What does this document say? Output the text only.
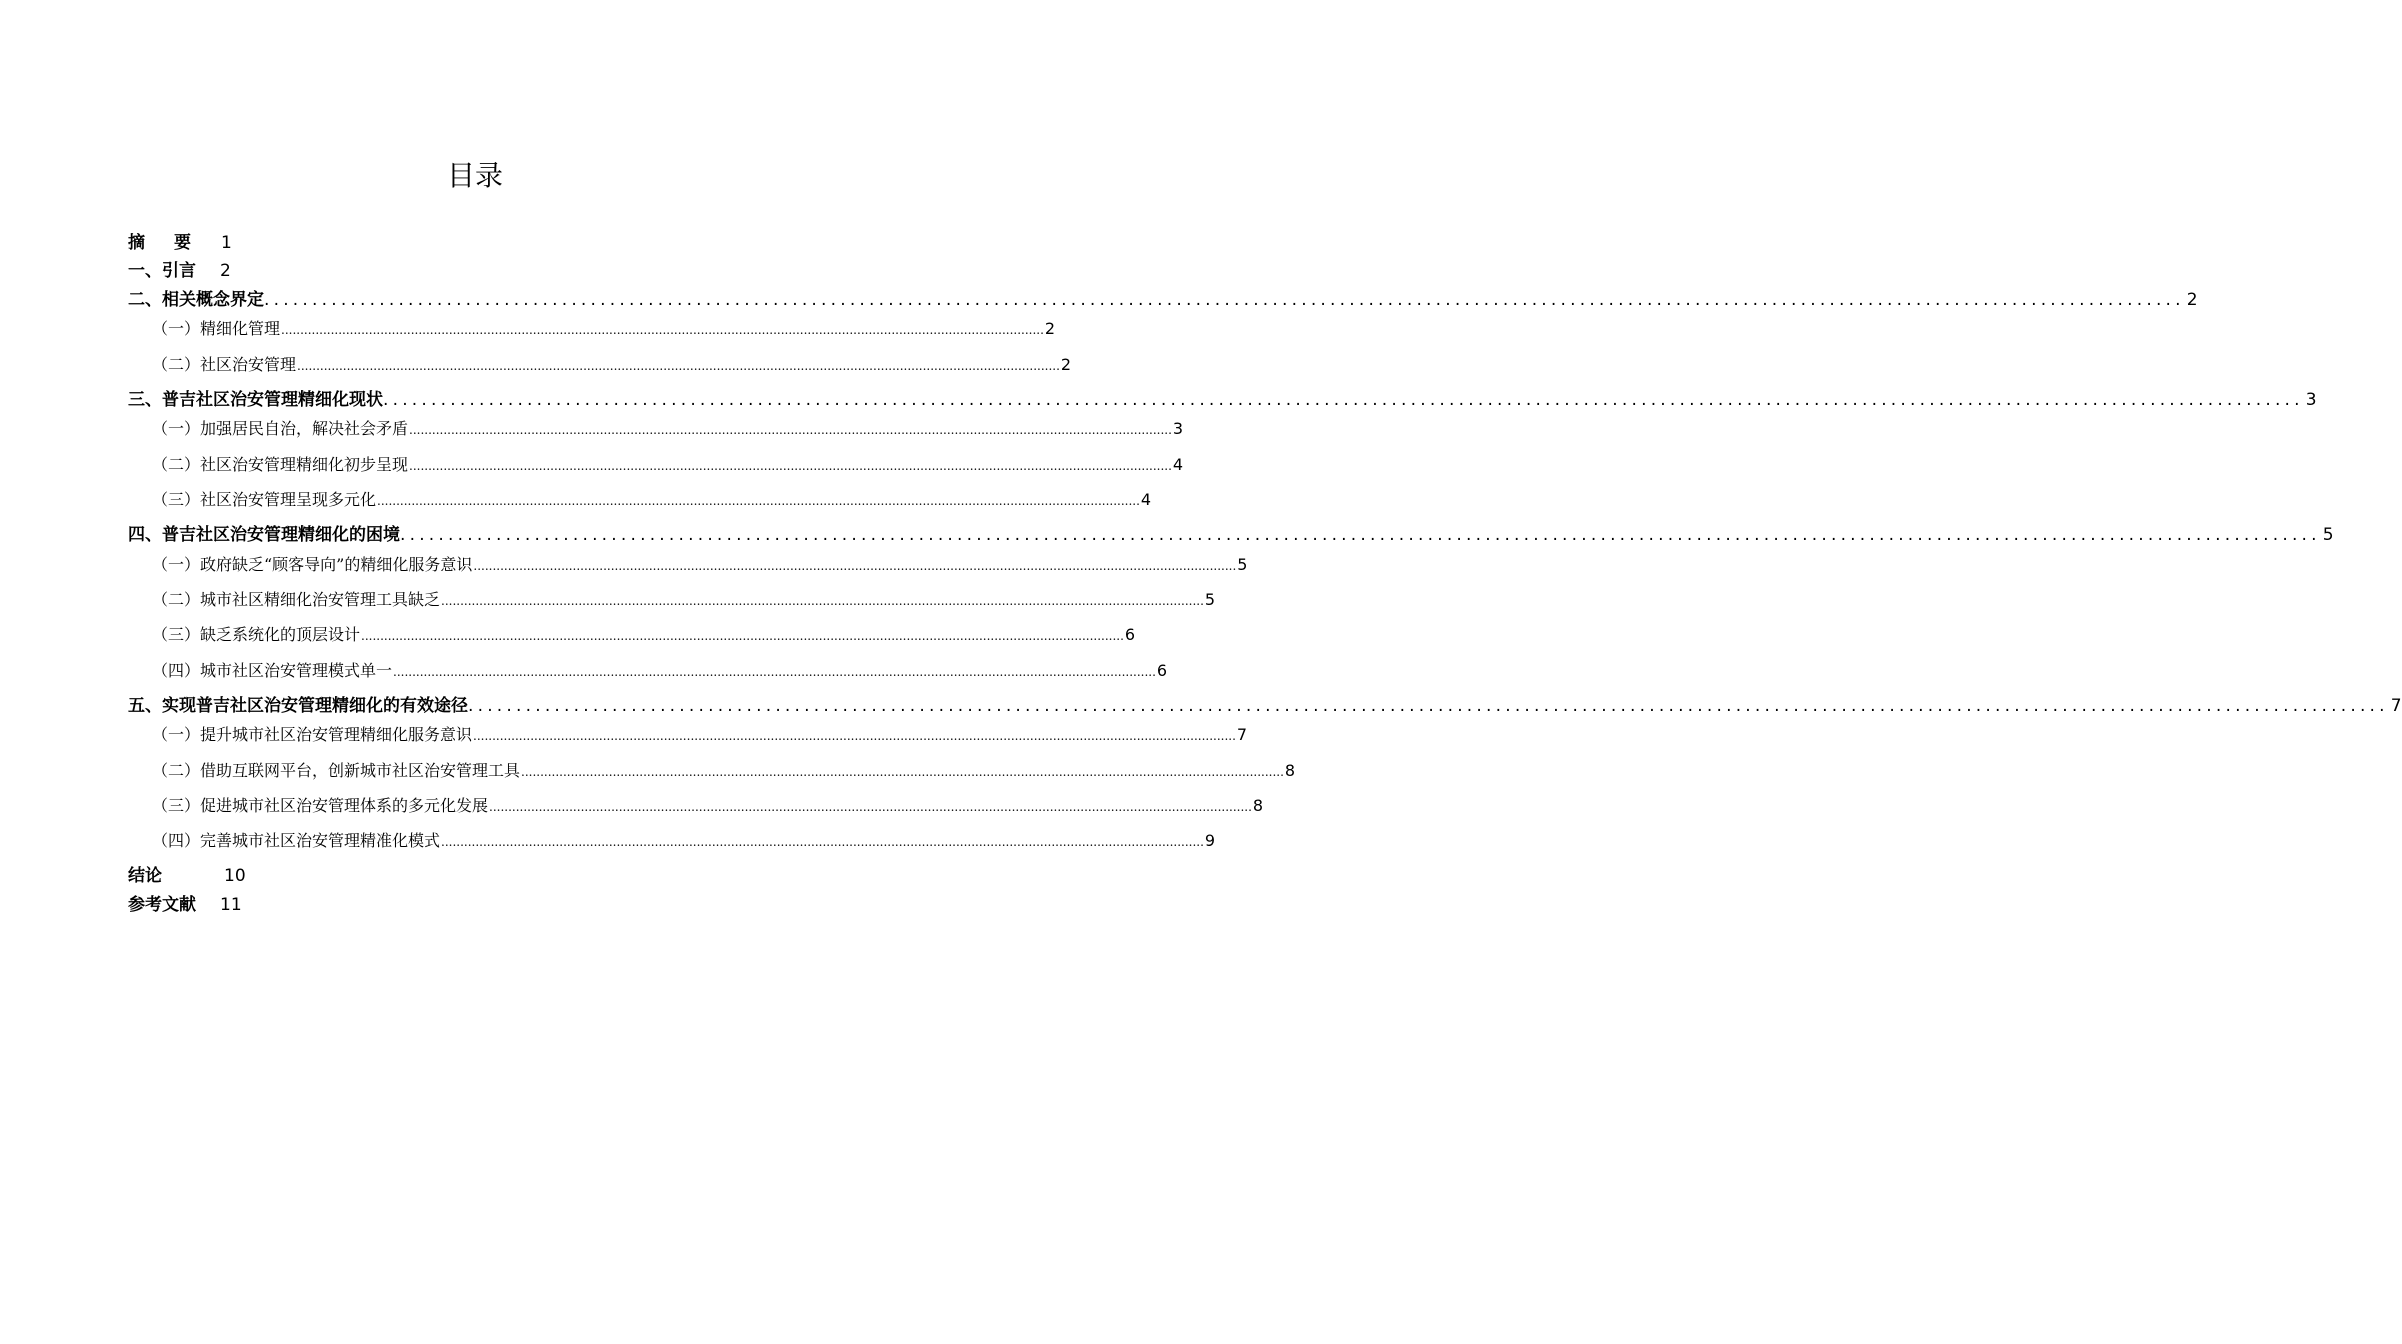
目录
摘　要 1
一、引言 2
二、相关概念界定 ........................................................................................................................................................................................................ 2
（一）精细化管理 ........................................................................................................................................................................................................ 2
（二）社区治安管理 ........................................................................................................................................................................................................ 2
三、普吉社区治安管理精细化现状 ........................................................................................................................................................................................................ 3
（一）加强居民自治，解决社会矛盾 ........................................................................................................................................................................................................ 3
（二）社区治安管理精细化初步呈现 ........................................................................................................................................................................................................ 4
（三）社区治安管理呈现多元化 ........................................................................................................................................................................................................ 4
四、普吉社区治安管理精细化的困境 ........................................................................................................................................................................................................ 5
（一）政府缺乏“顾客导向”的精细化服务意识 ........................................................................................................................................................................................................ 5
（二）城市社区精细化治安管理工具缺乏 ........................................................................................................................................................................................................ 5
（三）缺乏系统化的顶层设计 ........................................................................................................................................................................................................ 6
（四）城市社区治安管理模式单一 ........................................................................................................................................................................................................ 6
五、实现普吉社区治安管理精细化的有效途径 ........................................................................................................................................................................................................ 7
（一）提升城市社区治安管理精细化服务意识 ........................................................................................................................................................................................................ 7
（二）借助互联网平台，创新城市社区治安管理工具 ........................................................................................................................................................................................................ 8
（三）促进城市社区治安管理体系的多元化发展 ........................................................................................................................................................................................................ 8
（四）完善城市社区治安管理精准化模式 ........................................................................................................................................................................................................ 9
结论	10
参考文献 11
